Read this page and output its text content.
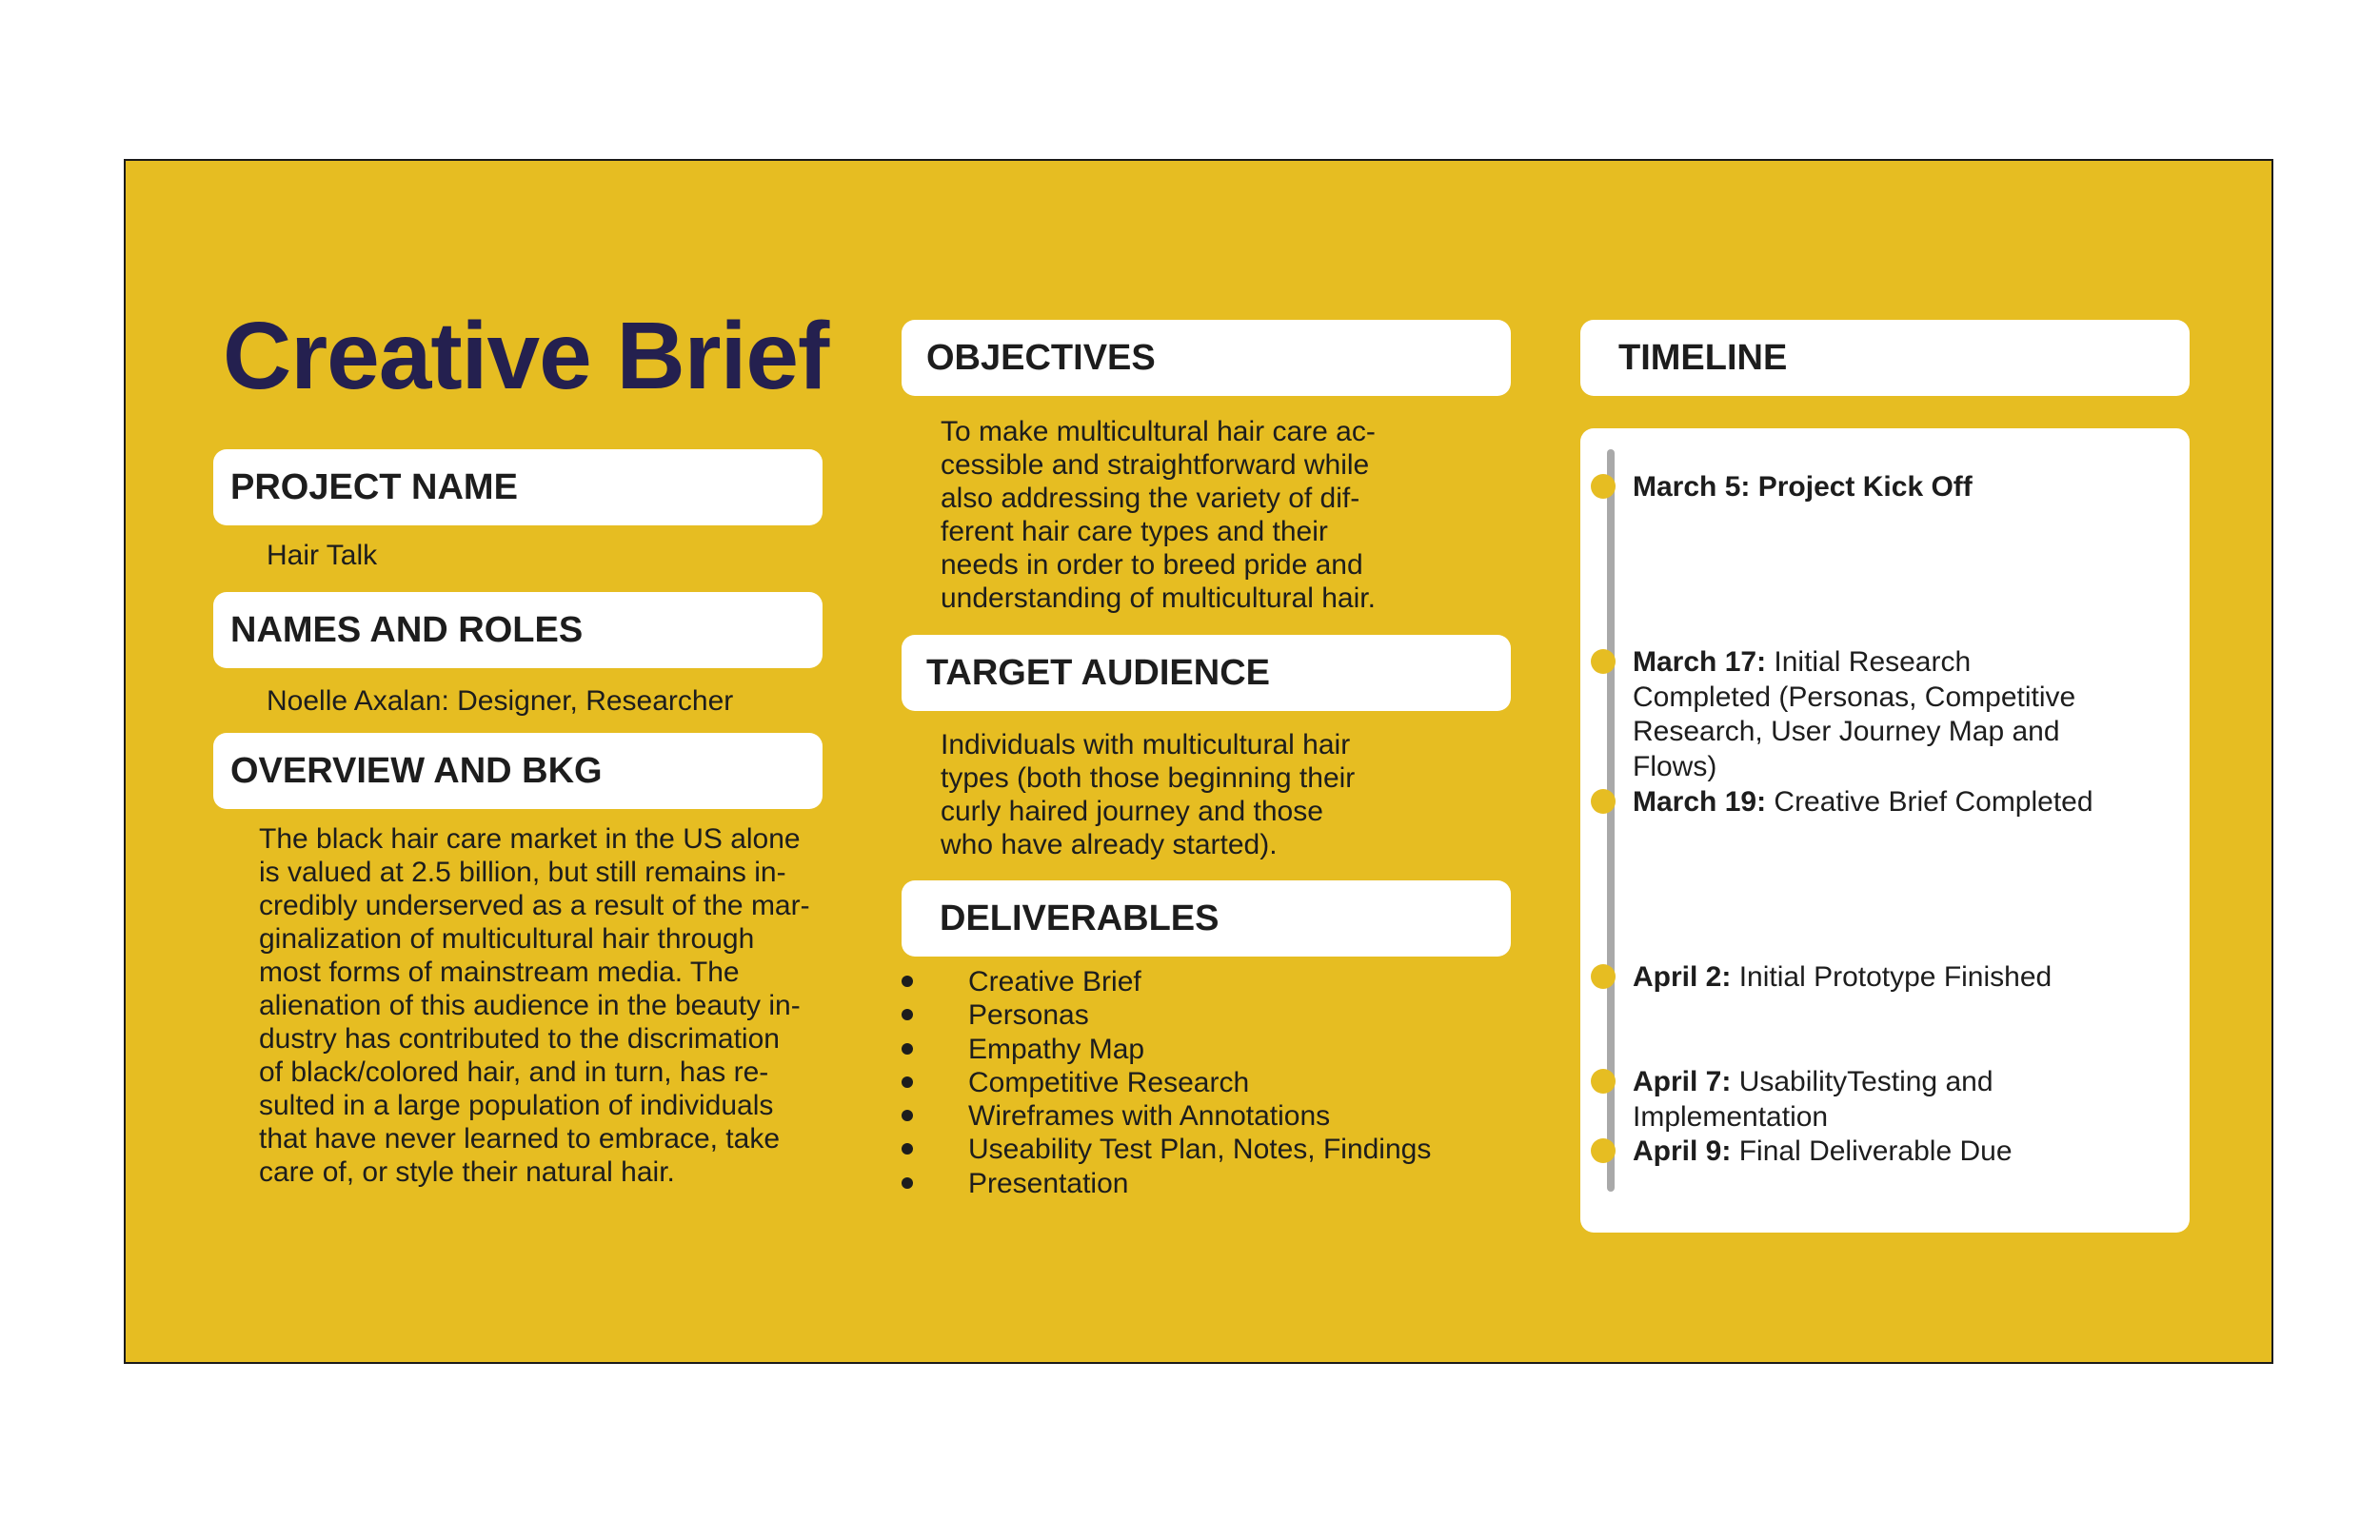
Creative Brief
PROJECT NAME

Hair Talk

NAMES AND ROLES

Noelle Axalan: Designer, Researcher

OVERVIEW AND BKG

The black hair care market in the US alone
is valued at 2.5 billion, but still remains in-
credibly underserved as a result of the mar-
ginalization of multicultural hair through
most forms of mainstream media. The
alienation of this audience in the beauty in-
dustry has contributed to the discrimation
of black/colored hair, and in turn, has re-
sulted in a large population of individuals
that have never learned to embrace, take
care of, or style their natural hair.

OBJECTIVES

To make multicultural hair care ac-
cessible and straightforward while
also addressing the variety of dif-
ferent hair care types and their
needs in order to breed pride and
understanding of multicultural hair.

TARGET AUDIENCE

Individuals with multicultural hair
types (both those beginning their
curly haired journey and those
who have already started).

DELIVERABLES
Creative Brief
Personas
Empathy Map
Competitive Research
Wireframes with Annotations
Useability Test Plan, Notes, Findings
Presentation
TIMELINE
March 5: Project Kick Off
March 17: Initial Research
Completed (Personas, Competitive
Research, User Journey Map and
Flows)
March 19: Creative Brief Completed
April 2: Initial Prototype Finished
April 7: UsabilityTesting and
Implementation
April 9: Final Deliverable Due
